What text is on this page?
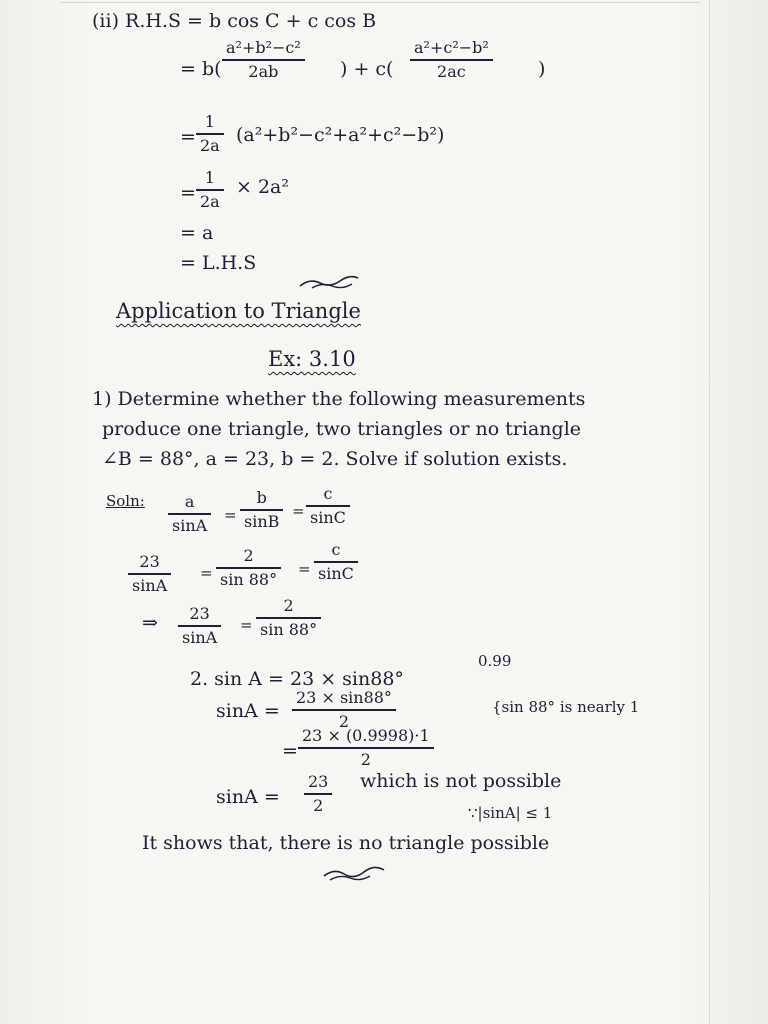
(ii) R.H.S = b cos C + c cos B
= b(
a²+b²−c²
2ab	) + c(
a²+c²−b²
2ac	)
=
1
2a (a²+b²−c²+a²+c²−b²)
=
1
2a
× 2a²
= a
= L.H.S
Application to Triangle
Ex: 3.10
1) Determine whether the following measurements
produce one triangle, two triangles or no triangle
∠B = 88°, a = 23, b = 2. Solve if solution exists.
Soln: a
sinA
=
b
sinB
=
c
sinC
23
sinA
=
2
sin 88°
=
c
sinC
⇒ 23
sinA
=
2
sin 88°
2. sin A = 23 × sin88°
0.99
sinA =
23 × sin88°
2
{sin 88° is nearly 1
=
23 × (0.9998)·1
2
sinA =
23
2
which is not possible
∵|sinA| ≤ 1
It shows that, there is no triangle possible
